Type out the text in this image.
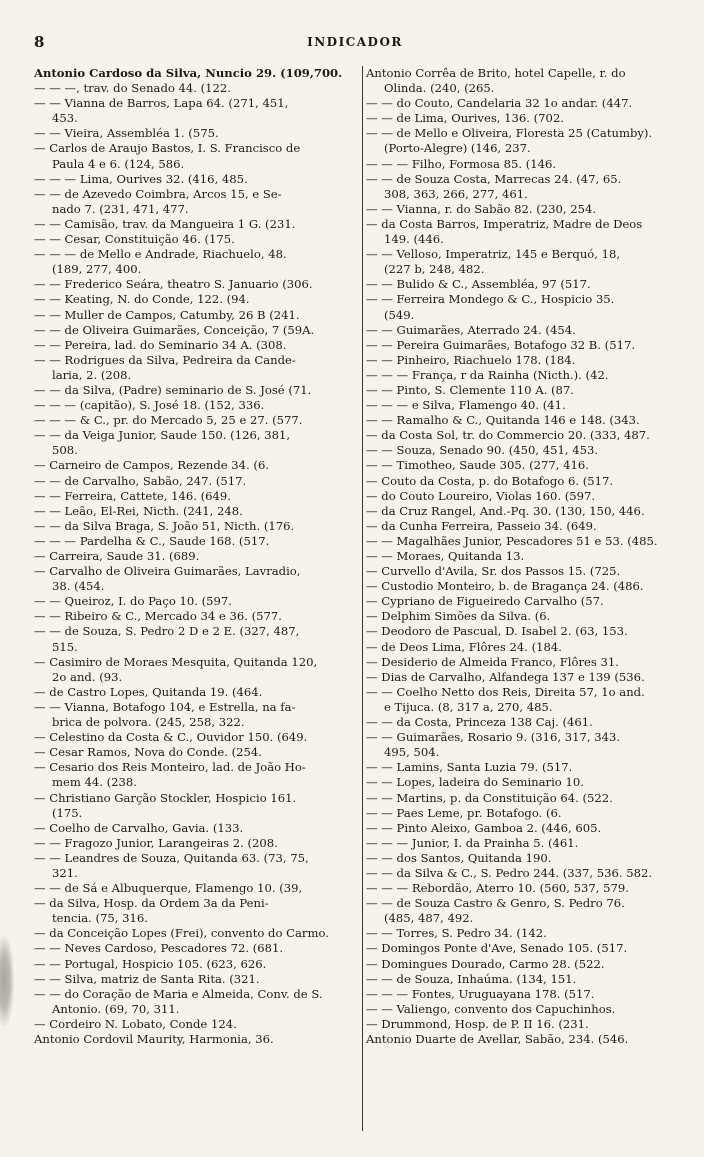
8	INDICADOR
Antonio Cardoso da Silva, Nuncio 29. (109,700.
— — —, trav. do Senado 44. (122.
— — Vianna de Barros, Lapa 64. (271, 451,
453.
— — Vieira, Assembléa 1. (575.
— Carlos de Araujo Bastos, I. S. Francisco de
Paula 4 e 6. (124, 586.
— — — Lima, Ourives 32. (416, 485.
— — de Azevedo Coimbra, Arcos 15, e Se-
nado 7. (231, 471, 477.
— — Camisão, trav. da Mangueira 1 G. (231.
— — Cesar, Constituição 46. (175.
— — — de Mello e Andrade, Riachuelo, 48.
(189, 277, 400.
— — Frederico Seára, theatro S. Januario (306.
— — Keating, N. do Conde, 122. (94.
— — Muller de Campos, Catumby, 26 B (241.
— — de Oliveira Guimarães, Conceição, 7 (59A.
— — Pereira, lad. do Seminario 34 A. (308.
— — Rodrigues da Silva, Pedreira da Cande-
laria, 2. (208.
— — da Silva, (Padre) seminario de S. José (71.
— — — (capitão), S. José 18. (152, 336.
— — — & C., pr. do Mercado 5, 25 e 27. (577.
— — da Veiga Junior, Saude 150. (126, 381,
508.
— Carneiro de Campos, Rezende 34. (6.
— — de Carvalho, Sabão, 247. (517.
— — Ferreira, Cattete, 146. (649.
— — Leão, El-Rei, Nicth. (241, 248.
— — da Silva Braga, S. João 51, Nicth. (176.
— — — Pardelha & C., Saude 168. (517.
— Carreira, Saude 31. (689.
— Carvalho de Oliveira Guimarães, Lavradio,
38. (454.
— — Queiroz, I. do Paço 10. (597.
— — Ribeiro & C., Mercado 34 e 36. (577.
— — de Souza, S. Pedro 2 D e 2 E. (327, 487,
515.
— Casimiro de Moraes Mesquita, Quitanda 120,
2o and. (93.
— de Castro Lopes, Quitanda 19. (464.
— — Vianna, Botafogo 104, e Estrella, na fa-
brica de polvora. (245, 258, 322.
— Celestino da Costa & C., Ouvidor 150. (649.
— Cesar Ramos, Nova do Conde. (254.
— Cesario dos Reis Monteiro, lad. de João Ho-
mem 44. (238.
— Christiano Garção Stockler, Hospicio 161.
(175.
— Coelho de Carvalho, Gavia. (133.
— — Fragozo Junior, Larangeiras 2. (208.
— — Leandres de Souza, Quitanda 63. (73, 75,
321.
— — de Sá e Albuquerque, Flamengo 10. (39,
— da Silva, Hosp. da Ordem 3a da Peni-
tencia. (75, 316.
— da Conceição Lopes (Frei), convento do Carmo.
— — Neves Cardoso, Pescadores 72. (681.
— — Portugal, Hospicio 105. (623, 626.
— — Silva, matriz de Santa Rita. (321.
— — do Coração de Maria e Almeida, Conv. de S.
Antonio. (69, 70, 311.
— Cordeiro N. Lobato, Conde 124.
Antonio Cordovil Maurity, Harmonia, 36.
Antonio Corrêa de Brito, hotel Capelle, r. do
Olinda. (240, (265.
— — do Couto, Candelaria 32 1o andar. (447.
— — de Lima, Ourives, 136. (702.
— — de Mello e Oliveira, Floresta 25 (Catumby).
(Porto-Alegre) (146, 237.
— — — Filho, Formosa 85. (146.
— — de Souza Costa, Marrecas 24. (47, 65.
308, 363, 266, 277, 461.
— — Vianna, r. do Sabão 82. (230, 254.
— da Costa Barros, Imperatriz, Madre de Deos
149. (446.
— — Velloso, Imperatriz, 145 e Berquó, 18,
(227 b, 248, 482.
— — Bulido & C., Assembléa, 97 (517.
— — Ferreira Mondego & C., Hospicio 35.
(549.
— — Guimarães, Aterrado 24. (454.
— — Pereira Guimarães, Botafogo 32 B. (517.
— — Pinheiro, Riachuelo 178. (184.
— — — França, r da Rainha (Nicth.). (42.
— — Pinto, S. Clemente 110 A. (87.
— — — e Silva, Flamengo 40. (41.
— — Ramalho & C., Quitanda 146 e 148. (343.
— da Costa Sol, tr. do Commercio 20. (333, 487.
— — Souza, Senado 90. (450, 451, 453.
— — Timotheo, Saude 305. (277, 416.
— Couto da Costa, p. do Botafogo 6. (517.
— do Couto Loureiro, Violas 160. (597.
— da Cruz Rangel, And.-Pq. 30. (130, 150, 446.
— da Cunha Ferreira, Passeio 34. (649.
— — Magalhães Junior, Pescadores 51 e 53. (485.
— — Moraes, Quitanda 13.
— Curvello d'Avila, Sr. dos Passos 15. (725.
— Custodio Monteiro, b. de Bragança 24. (486.
— Cypriano de Figueiredo Carvalho (57.
— Delphim Simões da Silva. (6.
— Deodoro de Pascual, D. Isabel 2. (63, 153.
— de Deos Lima, Flôres 24. (184.
— Desiderio de Almeida Franco, Flôres 31.
— Dias de Carvalho, Alfandega 137 e 139 (536.
— — Coelho Netto dos Reis, Direita 57, 1o and.
e Tijuca. (8, 317 a, 270, 485.
— — da Costa, Princeza 138 Caj. (461.
— — Guimarães, Rosario 9. (316, 317, 343.
495, 504.
— — Lamins, Santa Luzia 79. (517.
— — Lopes, ladeira do Seminario 10.
— — Martins, p. da Constituição 64. (522.
— — Paes Leme, pr. Botafogo. (6.
— — Pinto Aleixo, Gamboa 2. (446, 605.
— — — Junior, I. da Prainha 5. (461.
— — dos Santos, Quitanda 190.
— — da Silva & C., S. Pedro 244. (337, 536. 582.
— — — Rebordão, Aterro 10. (560, 537, 579.
— — de Souza Castro & Genro, S. Pedro 76.
(485, 487, 492.
— — Torres, S. Pedro 34. (142.
— Domingos Ponte d'Ave, Senado 105. (517.
— Domingues Dourado, Carmo 28. (522.
— — de Souza, Inhaúma. (134, 151.
— — — Fontes, Uruguayana 178. (517.
— — Valiengo, convento dos Capuchinhos.
— Drummond, Hosp. de P. II 16. (231.
Antonio Duarte de Avellar, Sabão, 234. (546.
